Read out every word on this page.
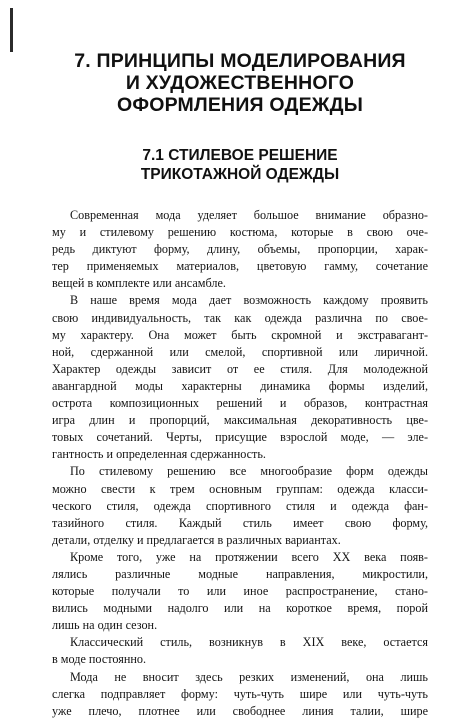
7. ПРИНЦИПЫ МОДЕЛИРОВАНИЯ
И ХУДОЖЕСТВЕННОГО
ОФОРМЛЕНИЯ ОДЕЖДЫ
7.1 СТИЛЕВОЕ РЕШЕНИЕ
ТРИКОТАЖНОЙ ОДЕЖДЫ

Современная мода уделяет большое внимание образно-
му и стилевому решению костюма, которые в свою оче-
редь диктуют форму, длину, объемы, пропорции, харак-
тер применяемых материалов, цветовую гамму, сочетание
вещей в комплекте или ансамбле.

В наше время мода дает возможность каждому проявить
свою индивидуальность, так как одежда различна по свое-
му характеру. Она может быть скромной и экстравагант-
ной, сдержанной или смелой, спортивной или лиричной.
Характер одежды зависит от ее стиля. Для молодежной
авангардной моды характерны динамика формы изделий,
острота композиционных решений и образов, контрастная
игра длин и пропорций, максимальная декоративность цве-
товых сочетаний. Черты, присущие взрослой моде, — эле-
гантность и определенная сдержанность.

По стилевому решению все многообразие форм одежды
можно свести к трем основным группам: одежда класси-
ческого стиля, одежда спортивного стиля и одежда фан-
тазийного стиля. Каждый стиль имеет свою форму,
детали, отделку и предлагается в различных вариантах.

Кроме того, уже на протяжении всего XX века появ-
лялись различные модные направления, микростили,
которые получали то или иное распространение, стано-
вились модными надолго или на короткое время, порой
лишь на один сезон.

Классический стиль, возникнув в XIX веке, остается
в моде постоянно.

Мода не вносит здесь резких изменений, она лишь
слегка подправляет форму: чуть-чуть шире или чуть-чуть
уже плечо, плотнее или свободнее линия талии, шире
